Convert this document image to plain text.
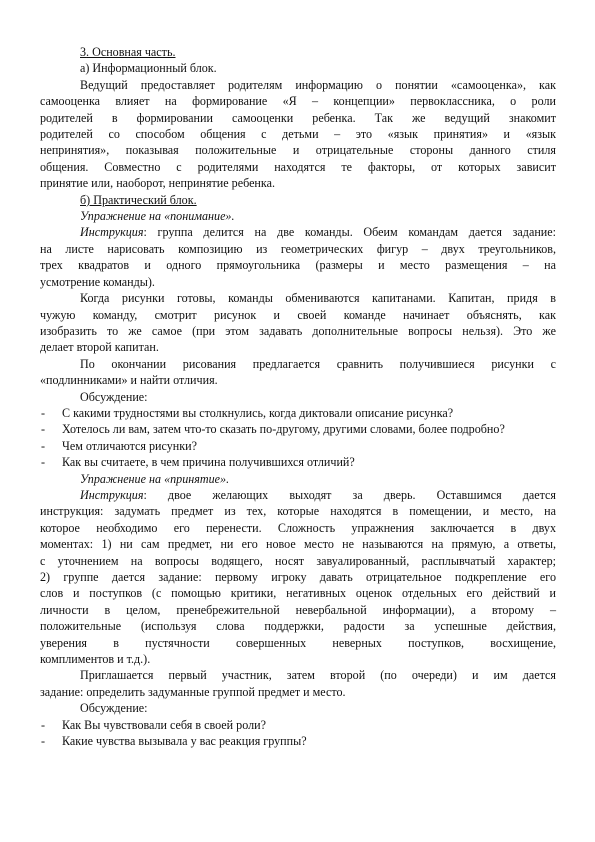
3. Основная часть.

а) Информационный блок.

Ведущий предоставляет родителям информацию о понятии «самооценка», как
самооценка влияет на формирование «Я – концепции» первоклассника, о роли
родителей в формировании самооценки ребенка. Так же ведущий знакомит
родителей со способом общения с детьми – это «язык принятия» и «язык
непринятия», показывая положительные и отрицательные стороны данного стиля
общения. Совместно с родителями находятся те факторы, от которых зависит
принятие или, наоборот, непринятие ребенка.

б) Практический блок.

Упражнение на «понимание».

Инструкция: группа делится на две команды. Обеим командам дается задание:
на листе нарисовать композицию из геометрических фигур – двух треугольников,
трех квадратов и одного прямоугольника (размеры и место размещения – на
усмотрение команды).
Когда рисунки готовы, команды обмениваются капитанами. Капитан, придя в
чужую команду, смотрит рисунок и своей команде начинает объяснять, как
изобразить то же самое (при этом задавать дополнительные вопросы нельзя). Это же
делает второй капитан.
По окончании рисования предлагается сравнить получившиеся рисунки с
«подлинниками» и найти отличия.

Обсуждение:

- С какими трудностями вы столкнулись, когда диктовали описание рисунка?

- Хотелось ли вам, затем что-то сказать по-другому, другими словами, более подробно?

- Чем отличаются рисунки?

- Как вы считаете, в чем причина получившихся отличий?

Упражнение на «принятие».

Инструкция: двое желающих выходят за дверь. Оставшимся дается
инструкция: задумать предмет из тех, которые находятся в помещении, и место, на
которое необходимо его перенести. Сложность упражнения заключается в двух
моментах: 1) ни сам предмет, ни его новое место не называются на прямую, а ответы,
с уточнением на вопросы водящего, носят завуалированный, расплывчатый характер;
2) группе дается задание: первому игроку давать отрицательное подкрепление его
слов и поступков (с помощью критики, негативных оценок отдельных его действий и
личности в целом, пренебрежительной невербальной информации), а второму –
положительные (используя слова поддержки, радости за успешные действия,
уверения в пустячности совершенных неверных поступков, восхищение,
комплиментов и т.д.).
Приглашается первый участник, затем второй (по очереди) и им дается
задание: определить задуманные группой предмет и место.

Обсуждение:

- Как Вы чувствовали себя в своей роли?

- Какие чувства вызывала у вас реакция группы?
